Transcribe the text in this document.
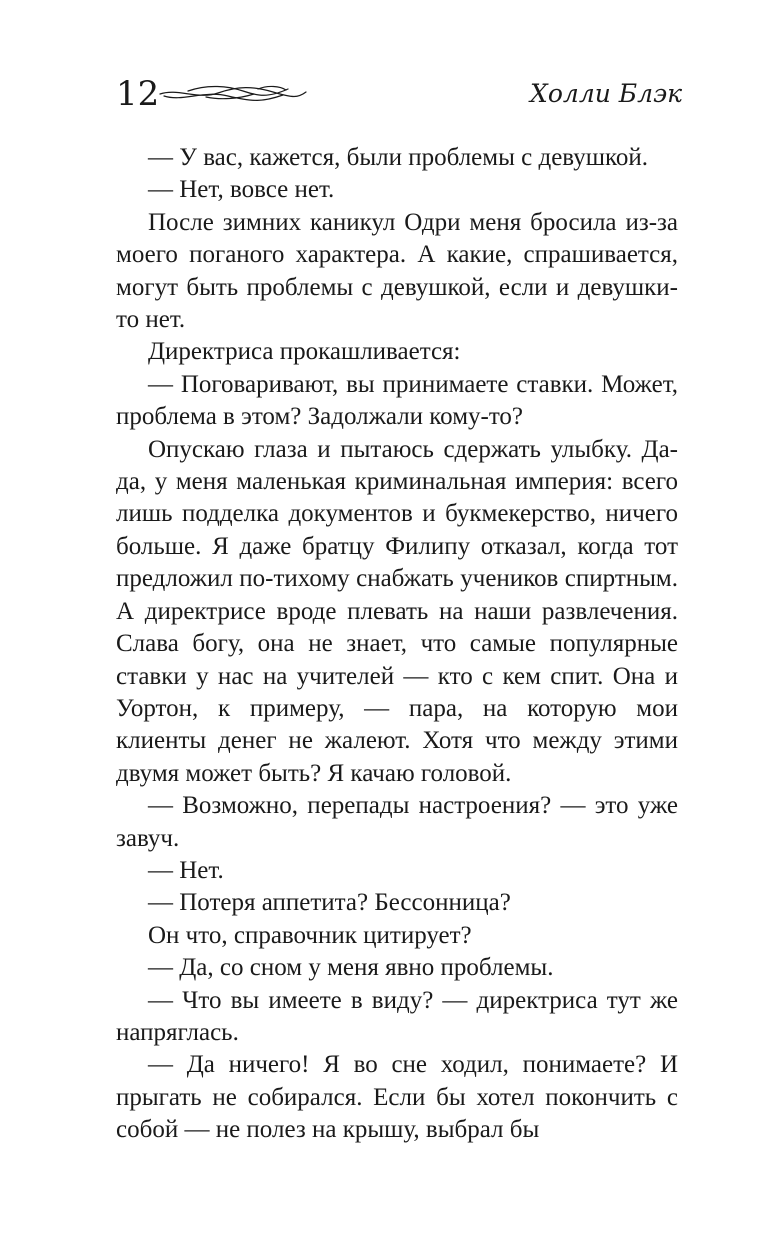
12	Холли Блэк

— У вас, кажется, были проблемы с девушкой.

— Нет, вовсе нет.

После зимних каникул Одри меня бросила из-за моего поганого характера. А какие, спрашивается, могут быть проблемы с девушкой, если и девушки-то нет.

Директриса прокашливается:

— Поговаривают, вы принимаете ставки. Может, проблема в этом? Задолжали кому-то?

Опускаю глаза и пытаюсь сдержать улыбку. Да-да, у меня маленькая криминальная империя: всего лишь подделка документов и букмекерство, ничего больше. Я даже братцу Филипу отказал, когда тот предложил по-тихому снабжать учеников спиртным. А директрисе вроде плевать на наши развлечения. Слава богу, она не знает, что самые популярные ставки у нас на учителей — кто с кем спит. Она и Уортон, к примеру, — пара, на которую мои клиенты денег не жалеют. Хотя что между этими двумя может быть? Я качаю головой.

— Возможно, перепады настроения? — это уже завуч.

— Нет.

— Потеря аппетита? Бессонница?

Он что, справочник цитирует?

— Да, со сном у меня явно проблемы.

— Что вы имеете в виду? — директриса тут же напряглась.

— Да ничего! Я во сне ходил, понимаете? И прыгать не собирался. Если бы хотел покончить с собой — не полез на крышу, выбрал бы
